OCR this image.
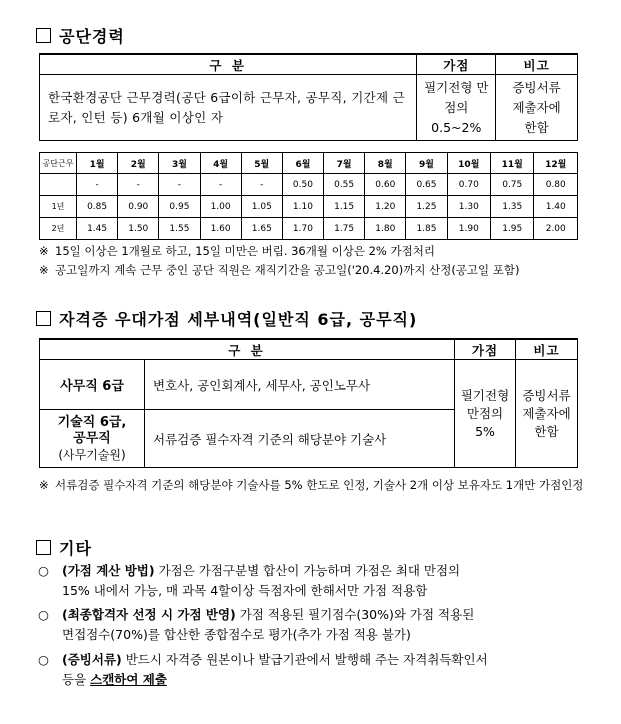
공단경력
구 분	가점	비고
한국환경공단 근무경력(공단 6급이하 근무자, 공무직, 기간제 근로자, 인턴 등) 6개월 이상인 자	필기전형 만점의 0.5~2%	증빙서류 제출자에 한함
공단근무	1월	2월	3월	4월	5월	6월	7월	8월	9월	10월	11월	12월
	-	-	-	-	-	0.50	0.55	0.60	0.65	0.70	0.75	0.80
1년	0.85	0.90	0.95	1.00	1.05	1.10	1.15	1.20	1.25	1.30	1.35	1.40
2년	1.45	1.50	1.55	1.60	1.65	1.70	1.75	1.80	1.85	1.90	1.95	2.00
※ 15일 이상은 1개월로 하고, 15일 미만은 버림. 36개월 이상은 2% 가점처리
※ 공고일까지 계속 근무 중인 공단 직원은 재직기간을 공고일('20.4.20)까지 산정(공고일 포함)
자격증 우대가점 세부내역(일반직 6급, 공무직)
구 분		가점	비고
사무직 6급	변호사, 공인회계사, 세무사, 공인노무사	필기전형 만점의 5%	증빙서류 제출자에 한함

기술직 6급,
공무직
(사무기술원)	서류검증 필수자격 기준의 해당분야 기술사		
※ 서류검증 필수자격 기준의 해당분야 기술사를 5% 한도로 인정, 기술사 2개 이상 보유자도 1개만 가점인정
기타
○ (가점 계산 방법) 가점은 가점구분별 합산이 가능하며 가점은 최대 만점의
15% 내에서 가능, 매 과목 4할이상 득점자에 한해서만 가점 적용함
○ (최종합격자 선정 시 가점 반영) 가점 적용된 필기점수(30%)와 가점 적용된
면접점수(70%)를 합산한 종합점수로 평가(추가 가점 적용 불가)
○ (증빙서류) 반드시 자격증 원본이나 발급기관에서 발행해 주는 자격취득확인서
등을 스캔하여 제출
